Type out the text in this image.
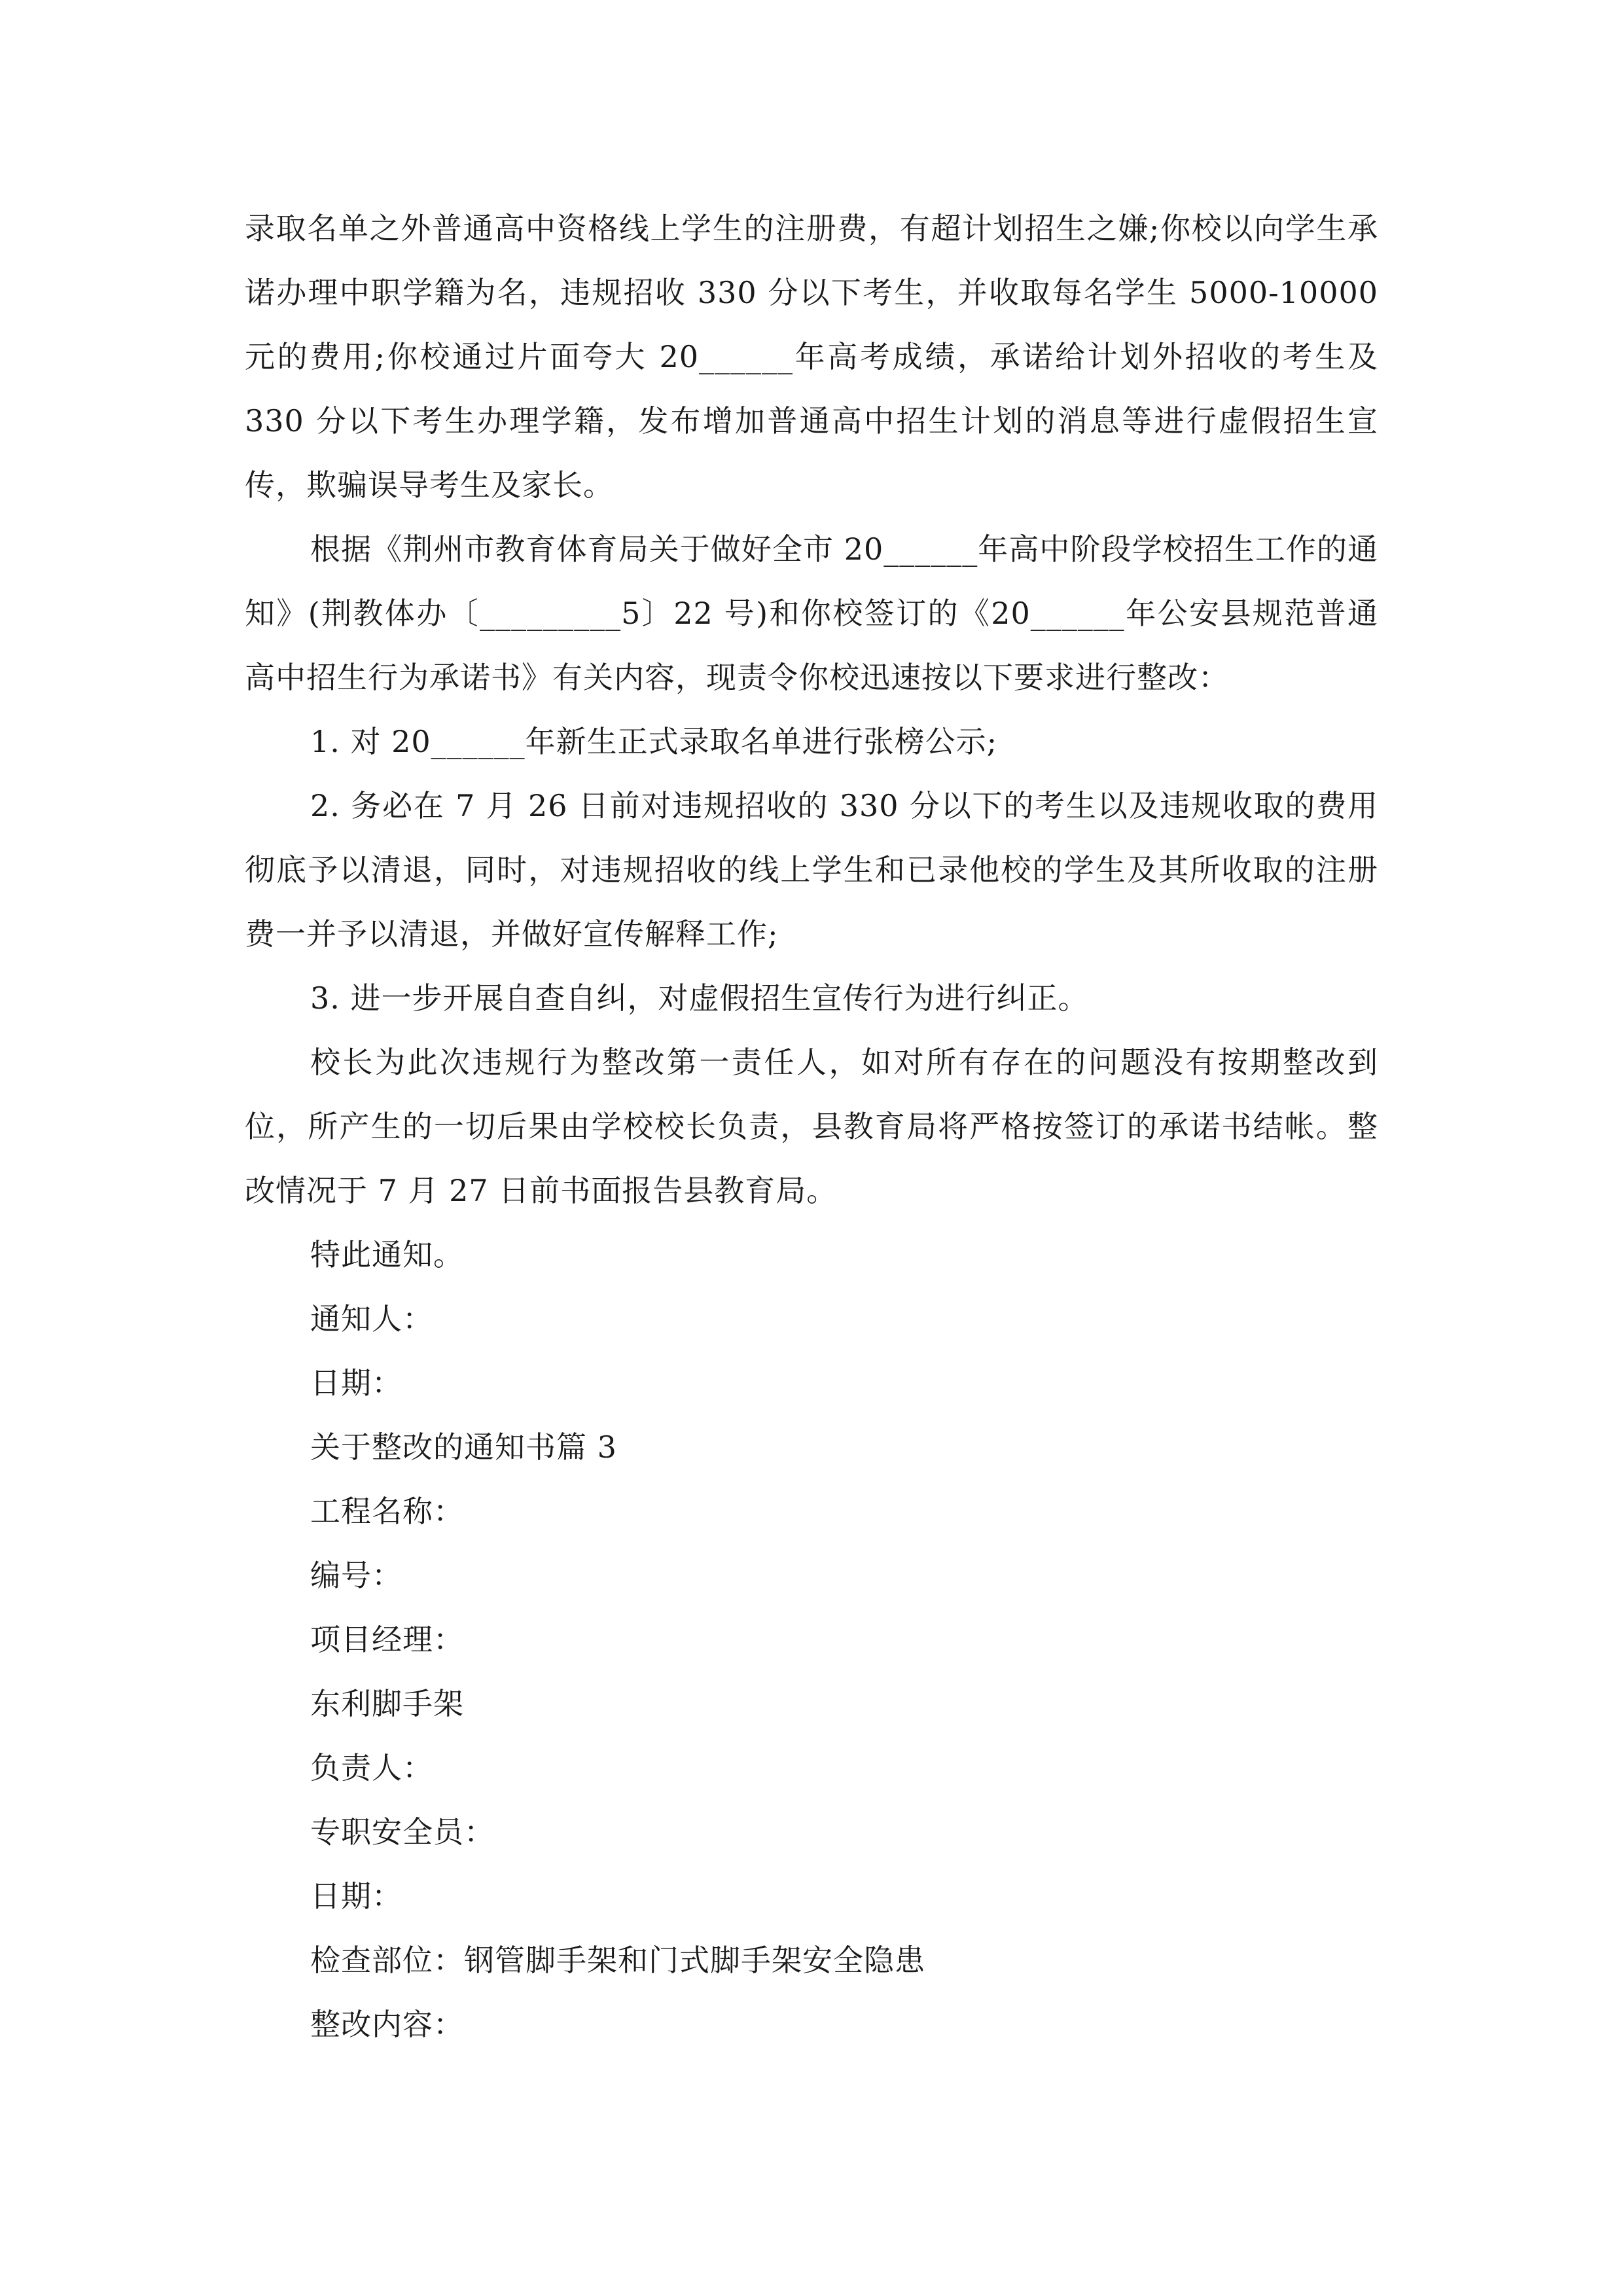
录取名单之外普通高中资格线上学生的注册费，有超计划招生之嫌;你校以向学生承诺办理中职学籍为名，违规招收 330 分以下考生，并收取每名学生 5000-10000 元的费用;你校通过片面夸大 20______年高考成绩，承诺给计划外招收的考生及 330 分以下考生办理学籍，发布增加普通高中招生计划的消息等进行虚假招生宣传，欺骗误导考生及家长。

根据《荆州市教育体育局关于做好全市 20______年高中阶段学校招生工作的通知》(荆教体办〔_________5〕22 号)和你校签订的《20______年公安县规范普通高中招生行为承诺书》有关内容，现责令你校迅速按以下要求进行整改：

1. 对 20______年新生正式录取名单进行张榜公示;

2. 务必在 7 月 26 日前对违规招收的 330 分以下的考生以及违规收取的费用彻底予以清退，同时，对违规招收的线上学生和已录他校的学生及其所收取的注册费一并予以清退，并做好宣传解释工作;

3. 进一步开展自查自纠，对虚假招生宣传行为进行纠正。

校长为此次违规行为整改第一责任人，如对所有存在的问题没有按期整改到位，所产生的一切后果由学校校长负责，县教育局将严格按签订的承诺书结帐。整改情况于 7 月 27 日前书面报告县教育局。

特此通知。

通知人：

日期：

关于整改的通知书篇 3

工程名称：

编号：

项目经理：

东利脚手架

负责人：

专职安全员：

日期：

检查部位：钢管脚手架和门式脚手架安全隐患

整改内容：
